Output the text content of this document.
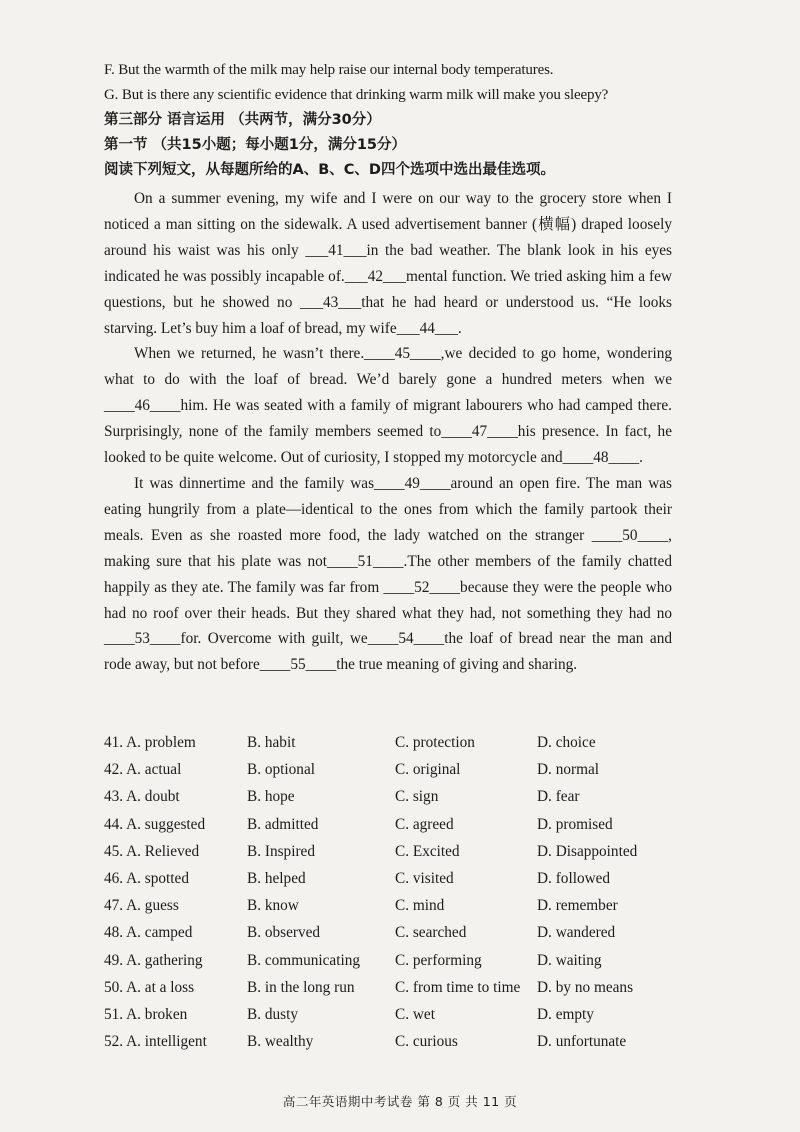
F. But the warmth of the milk may help raise our internal body temperatures.
G. But is there any scientific evidence that drinking warm milk will make you sleepy?
第三部分 语言运用 （共两节，满分30分）
第一节 （共15小题；每小题1分，满分15分）
阅读下列短文，从每题所给的A、B、C、D四个选项中选出最佳选项。

On a summer evening, my wife and I were on our way to the grocery store when I noticed a man sitting on the sidewalk. A used advertisement banner (横幅) draped loosely around his waist was his only ___41___in the bad weather. The blank look in his eyes indicated he was possibly incapable of.___42___mental function. We tried asking him a few questions, but he showed no ___43___that he had heard or understood us. “He looks starving. Let’s buy him a loaf of bread, my wife___44___.

When we returned, he wasn’t there.____45____,we decided to go home, wondering what to do with the loaf of bread. We’d barely gone a hundred meters when we ____46____him. He was seated with a family of migrant labourers who had camped there. Surprisingly, none of the family members seemed to____47____his presence. In fact, he looked to be quite welcome. Out of curiosity, I stopped my motorcycle and____48____.

It was dinnertime and the family was____49____around an open fire. The man was eating hungrily from a plate—identical to the ones from which the family partook their meals. Even as she roasted more food, the lady watched on the stranger ____50____, making sure that his plate was not____51____.The other members of the family chatted happily as they ate. The family was far from ____52____because they were the people who had no roof over their heads. But they shared what they had, not something they had no ____53____for. Overcome with guilt, we____54____the loaf of bread near the man and rode away, but not before____55____the true meaning of giving and sharing.

41. A. problem	B. habit	C. protection	D. choice
42. A. actual	B. optional	C. original	D. normal
43. A. doubt	B. hope	C. sign	D. fear
44. A. suggested	B. admitted	C. agreed	D. promised
45. A. Relieved	B. Inspired	C. Excited	D. Disappointed
46. A. spotted	B. helped	C. visited	D. followed
47. A. guess	B. know	C. mind	D. remember
48. A. camped	B. observed	C. searched	D. wandered
49. A. gathering	B. communicating C. performing	D. waiting
50. A. at a loss	B. in the long run	C. from time to time D. by no means
51. A. broken	B. dusty	C. wet	D. empty
52. A. intelligent	B. wealthy	C. curious	D. unfortunate
高二年英语期中考试卷 第 8 页 共 11 页
